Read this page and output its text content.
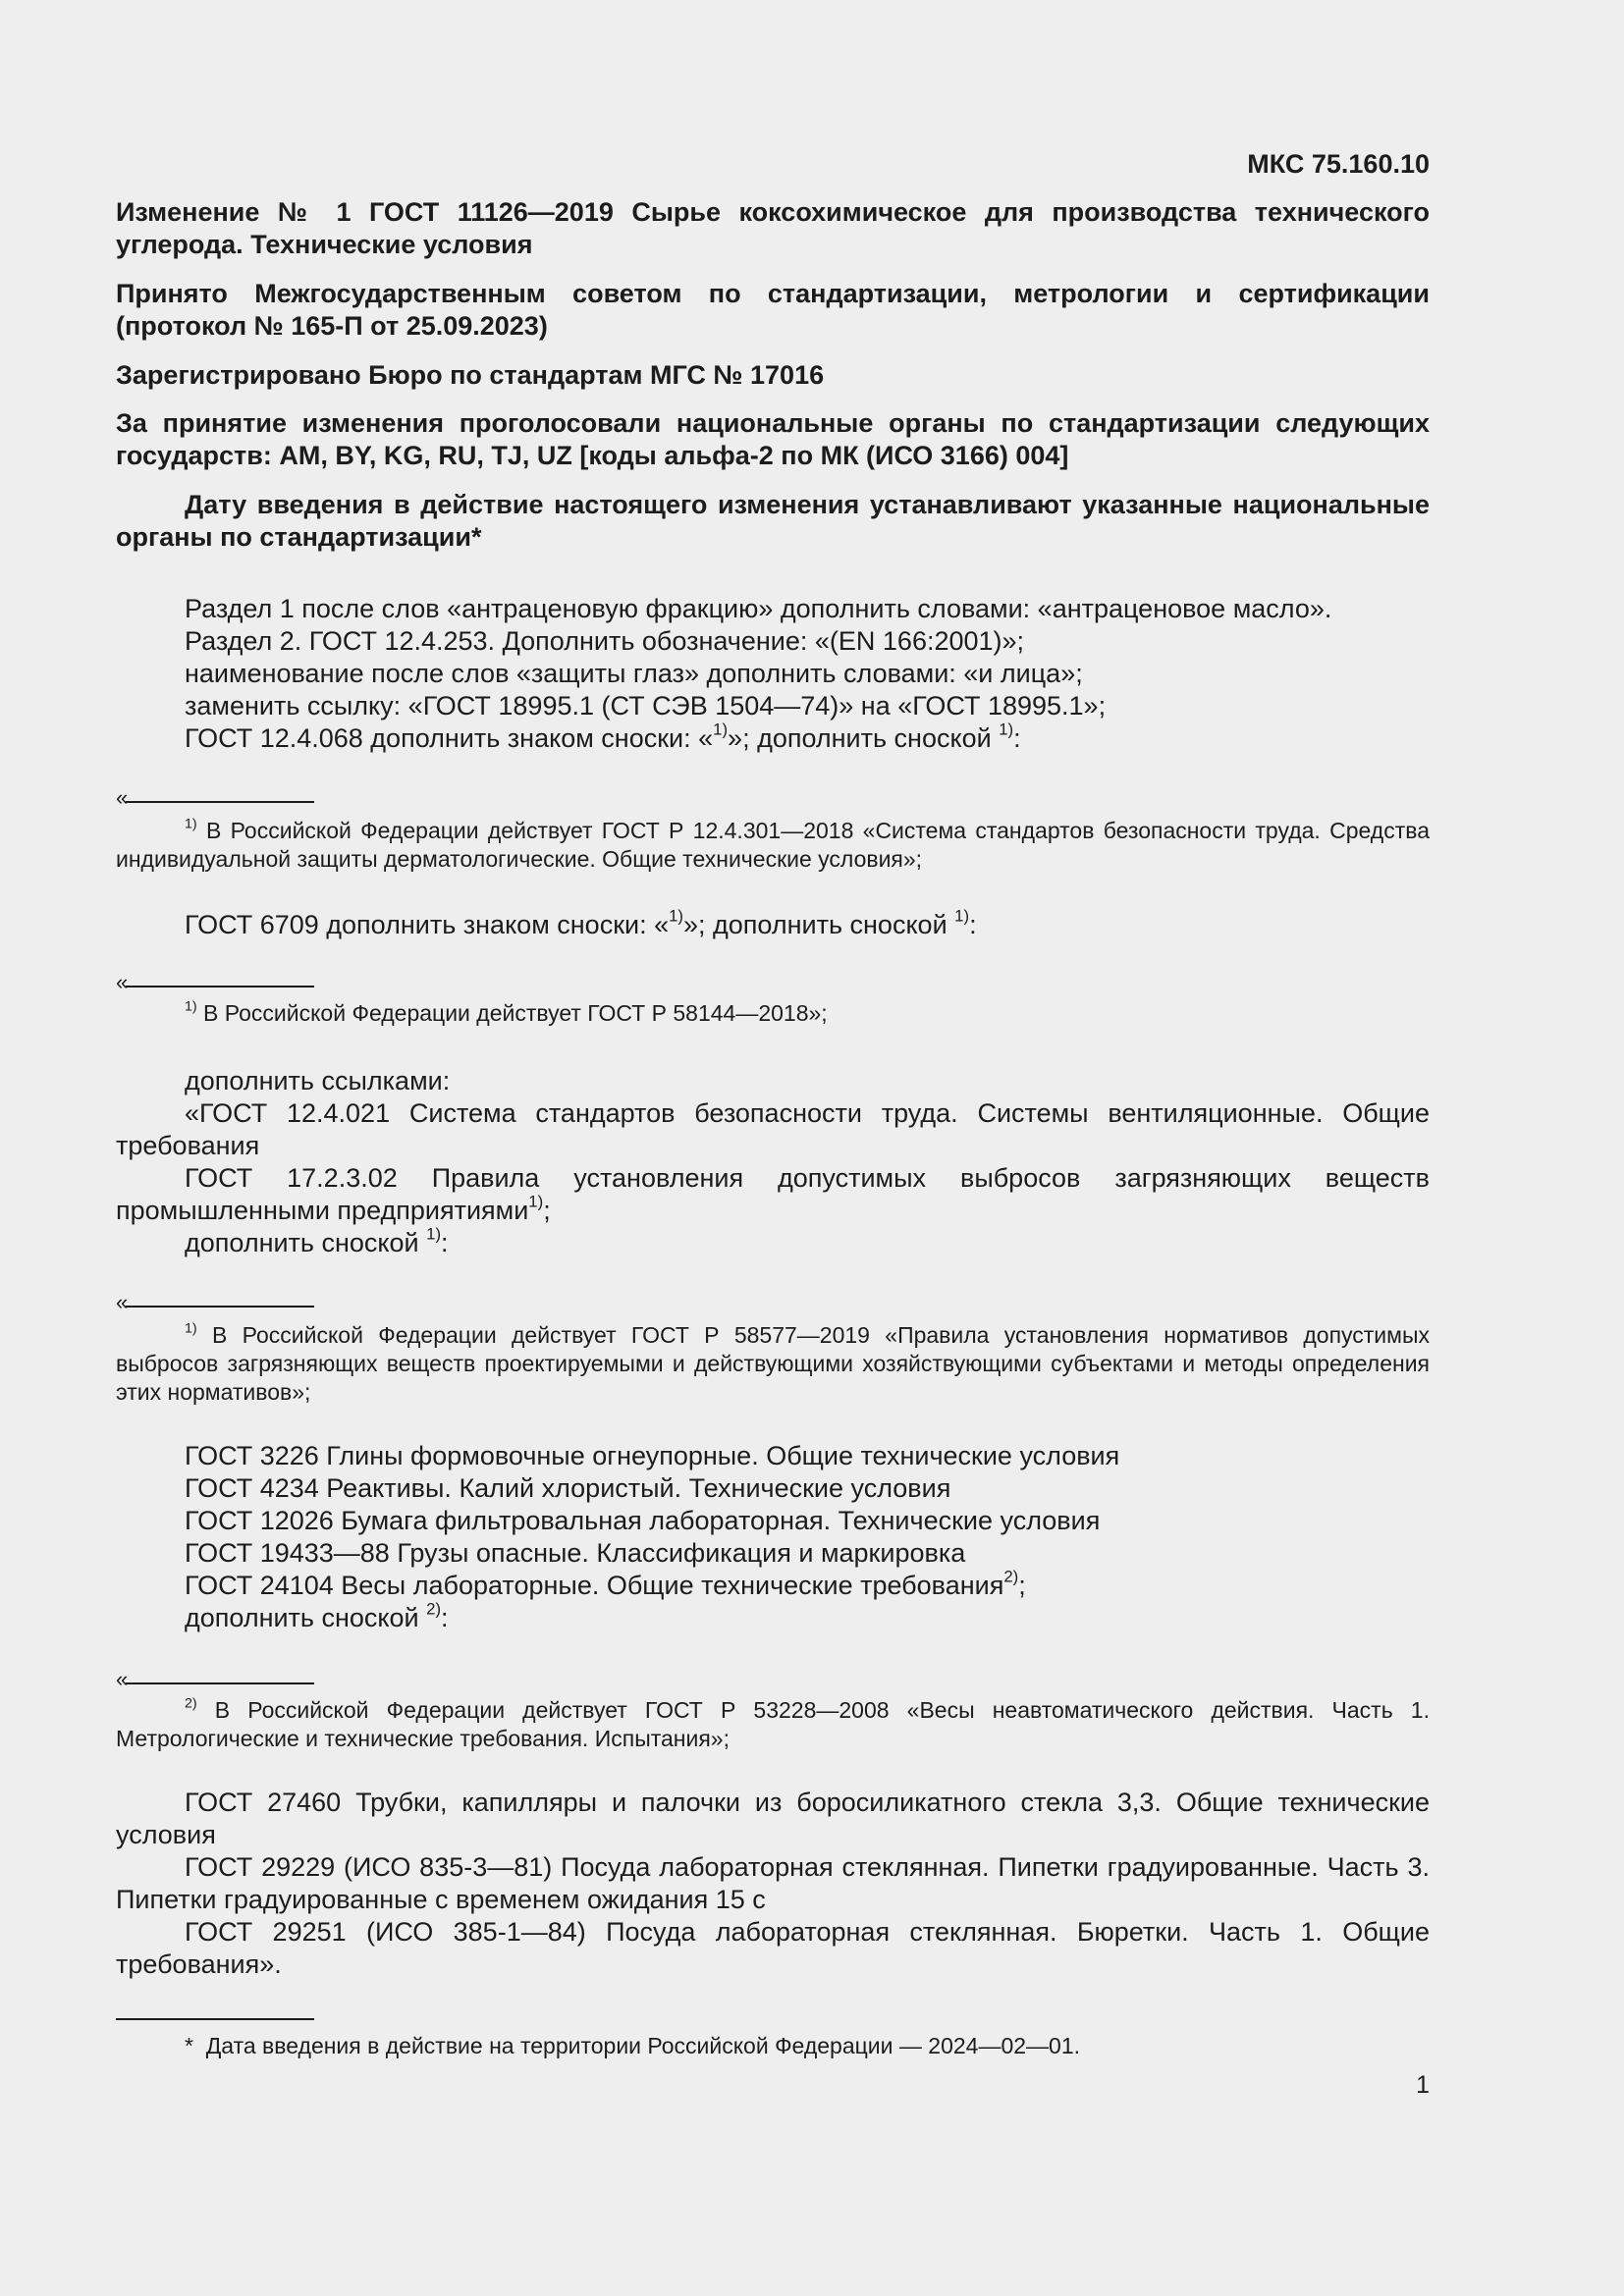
МКС 75.160.10

Изменение № 1 ГОСТ 11126—2019 Сырье коксохимическое для производства технического углерода. Технические условия

Принято Межгосударственным советом по стандартизации, метрологии и сертификации (протокол № 165-П от 25.09.2023)

Зарегистрировано Бюро по стандартам МГС № 17016

За принятие изменения проголосовали национальные органы по стандартизации следующих государств: AM, BY, KG, RU, TJ, UZ [коды альфа-2 по МК (ИСО 3166) 004]

Дату введения в действие настоящего изменения устанавливают указанные национальные органы по стандартизации*

Раздел 1 после слов «антраценовую фракцию» дополнить словами: «антраценовое масло».

Раздел 2. ГОСТ 12.4.253. Дополнить обозначение: «(EN 166:2001)»;

наименование после слов «защиты глаз» дополнить словами: «и лица»;

заменить ссылку: «ГОСТ 18995.1 (СТ СЭВ 1504—74)» на «ГОСТ 18995.1»;

ГОСТ 12.4.068 дополнить знаком сноски: «$^{1)}$»; дополнить сноской $^{1)}$:

«

$^{1)}$ В Российской Федерации действует ГОСТ Р 12.4.301—2018 «Система стандартов безопасности труда. Средства индивидуальной защиты дерматологические. Общие технические условия»;

ГОСТ 6709 дополнить знаком сноски: «$^{1)}$»; дополнить сноской $^{1)}$:

«

$^{1)}$ В Российской Федерации действует ГОСТ Р 58144—2018»;

дополнить ссылками:

«ГОСТ 12.4.021 Система стандартов безопасности труда. Системы вентиляционные. Общие требования

ГОСТ 17.2.3.02 Правила установления допустимых выбросов загрязняющих веществ промышленными предприятиями$^{1)}$;

дополнить сноской $^{1)}$:

«

$^{1)}$ В Российской Федерации действует ГОСТ Р 58577—2019 «Правила установления нормативов допустимых выбросов загрязняющих веществ проектируемыми и действующими хозяйствующими субъектами и методы определения этих нормативов»;

ГОСТ 3226 Глины формовочные огнеупорные. Общие технические условия

ГОСТ 4234 Реактивы. Калий хлористый. Технические условия

ГОСТ 12026 Бумага фильтровальная лабораторная. Технические условия

ГОСТ 19433—88 Грузы опасные. Классификация и маркировка

ГОСТ 24104 Весы лабораторные. Общие технические требования$^{2)}$;

дополнить сноской $^{2)}$:

«

$^{2)}$ В Российской Федерации действует ГОСТ Р 53228—2008 «Весы неавтоматического действия. Часть 1. Метрологические и технические требования. Испытания»;

ГОСТ 27460 Трубки, капилляры и палочки из боросиликатного стекла 3,3. Общие технические условия

ГОСТ 29229 (ИСО 835-3—81) Посуда лабораторная стеклянная. Пипетки градуированные. Часть 3. Пипетки градуированные с временем ожидания 15 с

ГОСТ 29251 (ИСО 385-1—84) Посуда лабораторная стеклянная. Бюретки. Часть 1. Общие требования».

* Дата введения в действие на территории Российской Федерации — 2024—02—01.

1
